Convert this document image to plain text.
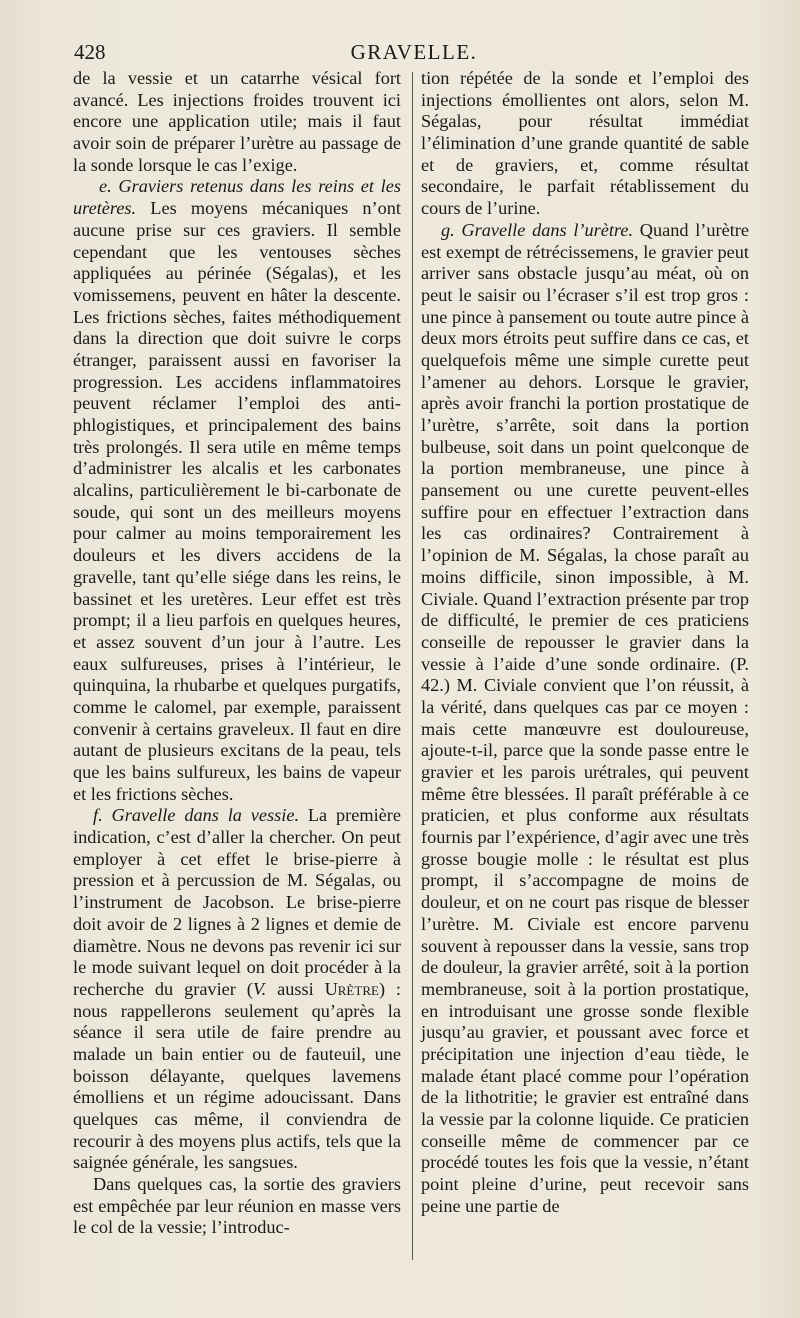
428	GRAVELLE.

de la vessie et un catarrhe vésical fort avancé. Les injections froides trouvent ici encore une application utile; mais il faut avoir soin de préparer l’urètre au passage de la sonde lorsque le cas l’exige.

e. Graviers retenus dans les reins et les uretères. Les moyens mécaniques n’ont aucune prise sur ces graviers. Il semble cependant que les ventouses sèches appliquées au périnée (Ségalas), et les vomissemens, peuvent en hâter la descente. Les frictions sèches, faites méthodiquement dans la direction que doit suivre le corps étranger, paraissent aussi en favoriser la progression. Les accidens inflammatoires peuvent réclamer l’emploi des anti-phlogistiques, et principalement des bains très prolongés. Il sera utile en même temps d’administrer les alcalis et les carbonates alcalins, particulièrement le bi-carbonate de soude, qui sont un des meilleurs moyens pour calmer au moins temporairement les douleurs et les divers accidens de la gravelle, tant qu’elle siége dans les reins, le bassinet et les uretères. Leur effet est très prompt; il a lieu parfois en quelques heures, et assez souvent d’un jour à l’autre. Les eaux sulfureuses, prises à l’intérieur, le quinquina, la rhubarbe et quelques purgatifs, comme le calomel, par exemple, paraissent convenir à certains graveleux. Il faut en dire autant de plusieurs excitans de la peau, tels que les bains sulfureux, les bains de vapeur et les frictions sèches.

f. Gravelle dans la vessie. La première indication, c’est d’aller la chercher. On peut employer à cet effet le brise-pierre à pression et à percussion de M. Ségalas, ou l’instrument de Jacobson. Le brise-pierre doit avoir de 2 lignes à 2 lignes et demie de diamètre. Nous ne devons pas revenir ici sur le mode suivant lequel on doit procéder à la recherche du gravier (V. aussi Urètre) : nous rappellerons seulement qu’après la séance il sera utile de faire prendre au malade un bain entier ou de fauteuil, une boisson délayante, quelques lavemens émolliens et un régime adoucissant. Dans quelques cas même, il conviendra de recourir à des moyens plus actifs, tels que la saignée générale, les sangsues.

Dans quelques cas, la sortie des graviers est empêchée par leur réunion en masse vers le col de la vessie; l’introduc-

tion répétée de la sonde et l’emploi des injections émollientes ont alors, selon M. Ségalas, pour résultat immédiat l’élimination d’une grande quantité de sable et de graviers, et, comme résultat secondaire, le parfait rétablissement du cours de l’urine.

g. Gravelle dans l’urètre. Quand l’urètre est exempt de rétrécissemens, le gravier peut arriver sans obstacle jusqu’au méat, où on peut le saisir ou l’écraser s’il est trop gros : une pince à pansement ou toute autre pince à deux mors étroits peut suffire dans ce cas, et quelquefois même une simple curette peut l’amener au dehors. Lorsque le gravier, après avoir franchi la portion prostatique de l’urètre, s’arrête, soit dans la portion bulbeuse, soit dans un point quelconque de la portion membraneuse, une pince à pansement ou une curette peuvent-elles suffire pour en effectuer l’extraction dans les cas ordinaires? Contrairement à l’opinion de M. Ségalas, la chose paraît au moins difficile, sinon impossible, à M. Civiale. Quand l’extraction présente par trop de difficulté, le premier de ces praticiens conseille de repousser le gravier dans la vessie à l’aide d’une sonde ordinaire. (P. 42.) M. Civiale convient que l’on réussit, à la vérité, dans quelques cas par ce moyen : mais cette manœuvre est douloureuse, ajoute-t-il, parce que la sonde passe entre le gravier et les parois urétrales, qui peuvent même être blessées. Il paraît préférable à ce praticien, et plus conforme aux résultats fournis par l’expérience, d’agir avec une très grosse bougie molle : le résultat est plus prompt, il s’accompagne de moins de douleur, et on ne court pas risque de blesser l’urètre. M. Civiale est encore parvenu souvent à repousser dans la vessie, sans trop de douleur, la gravier arrêté, soit à la portion membraneuse, soit à la portion prostatique, en introduisant une grosse sonde flexible jusqu’au gravier, et poussant avec force et précipitation une injection d’eau tiède, le malade étant placé comme pour l’opération de la lithotritie; le gravier est entraîné dans la vessie par la colonne liquide. Ce praticien conseille même de commencer par ce procédé toutes les fois que la vessie, n’étant point pleine d’urine, peut recevoir sans peine une partie de
